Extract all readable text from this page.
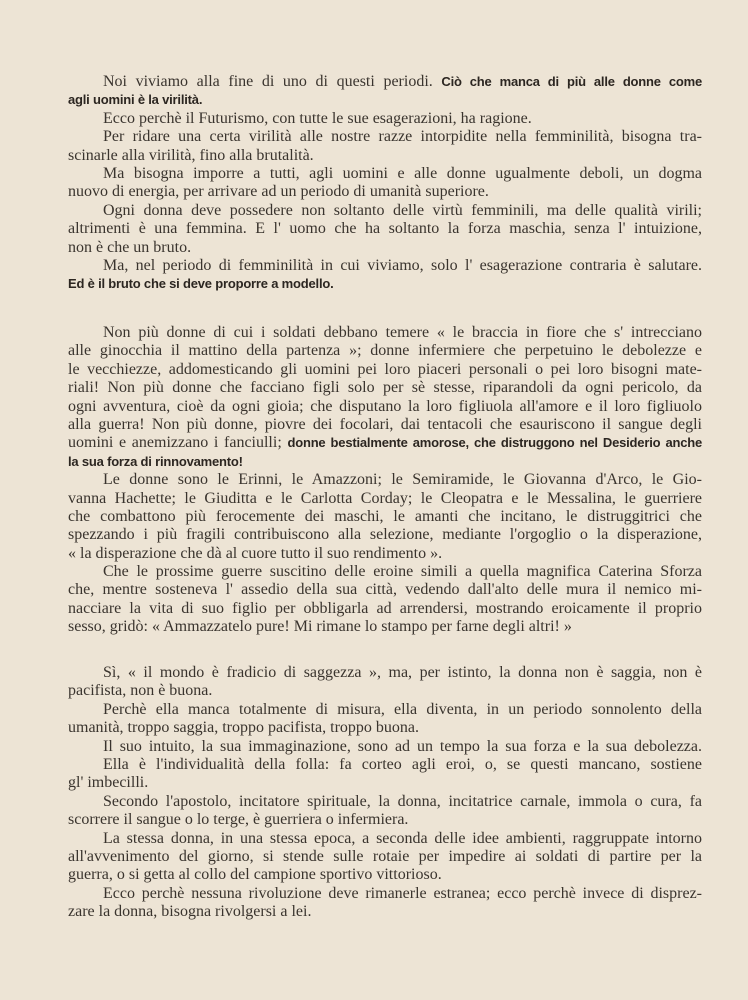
Noi viviamo alla fine di uno di questi periodi. Ciò che manca di più alle donne come
agli uomini è la virilità.
Ecco perchè il Futurismo, con tutte le sue esagerazioni, ha ragione.
Per ridare una certa virilità alle nostre razze intorpidite nella femminilità, bisogna tra-
scinarle alla virilità, fino alla brutalità.
Ma bisogna imporre a tutti, agli uomini e alle donne ugualmente deboli, un dogma
nuovo di energia, per arrivare ad un periodo di umanità superiore.
Ogni donna deve possedere non soltanto delle virtù femminili, ma delle qualità virili;
altrimenti è una femmina. E l' uomo che ha soltanto la forza maschia, senza l' intuizione,
non è che un bruto.
Ma, nel periodo di femminilità in cui viviamo, solo l' esagerazione contraria è salutare.
Ed è il bruto che si deve proporre a modello.
Non più donne di cui i soldati debbano temere « le braccia in fiore che s' intrecciano
alle ginocchia il mattino della partenza »; donne infermiere che perpetuino le debolezze e
le vecchiezze, addomesticando gli uomini pei loro piaceri personali o pei loro bisogni mate-
riali! Non più donne che facciano figli solo per sè stesse, riparandoli da ogni pericolo, da
ogni avventura, cioè da ogni gioia; che disputano la loro figliuola all'amore e il loro figliuolo
alla guerra! Non più donne, piovre dei focolari, dai tentacoli che esauriscono il sangue degli
uomini e anemizzano i fanciulli; donne bestialmente amorose, che distruggono nel Desiderio anche
la sua forza di rinnovamento!
Le donne sono le Erinni, le Amazzoni; le Semiramide, le Giovanna d'Arco, le Gio-
vanna Hachette; le Giuditta e le Carlotta Corday; le Cleopatra e le Messalina, le guerriere
che combattono più ferocemente dei maschi, le amanti che incitano, le distruggitrici che
spezzando i più fragili contribuiscono alla selezione, mediante l'orgoglio o la disperazione,
« la disperazione che dà al cuore tutto il suo rendimento ».
Che le prossime guerre suscitino delle eroine simili a quella magnifica Caterina Sforza
che, mentre sosteneva l' assedio della sua città, vedendo dall'alto delle mura il nemico mi-
nacciare la vita di suo figlio per obbligarla ad arrendersi, mostrando eroicamente il proprio
sesso, gridò: « Ammazzatelo pure! Mi rimane lo stampo per farne degli altri! »
Sì, « il mondo è fradicio di saggezza », ma, per istinto, la donna non è saggia, non è
pacifista, non è buona.
Perchè ella manca totalmente di misura, ella diventa, in un periodo sonnolento della
umanità, troppo saggia, troppo pacifista, troppo buona.
Il suo intuito, la sua immaginazione, sono ad un tempo la sua forza e la sua debolezza.
Ella è l'individualità della folla: fa corteo agli eroi, o, se questi mancano, sostiene
gl' imbecilli.
Secondo l'apostolo, incitatore spirituale, la donna, incitatrice carnale, immola o cura, fa
scorrere il sangue o lo terge, è guerriera o infermiera.
La stessa donna, in una stessa epoca, a seconda delle idee ambienti, raggruppate intorno
all'avvenimento del giorno, si stende sulle rotaie per impedire ai soldati di partire per la
guerra, o si getta al collo del campione sportivo vittorioso.
Ecco perchè nessuna rivoluzione deve rimanerle estranea; ecco perchè invece di disprez-
zare la donna, bisogna rivolgersi a lei.
